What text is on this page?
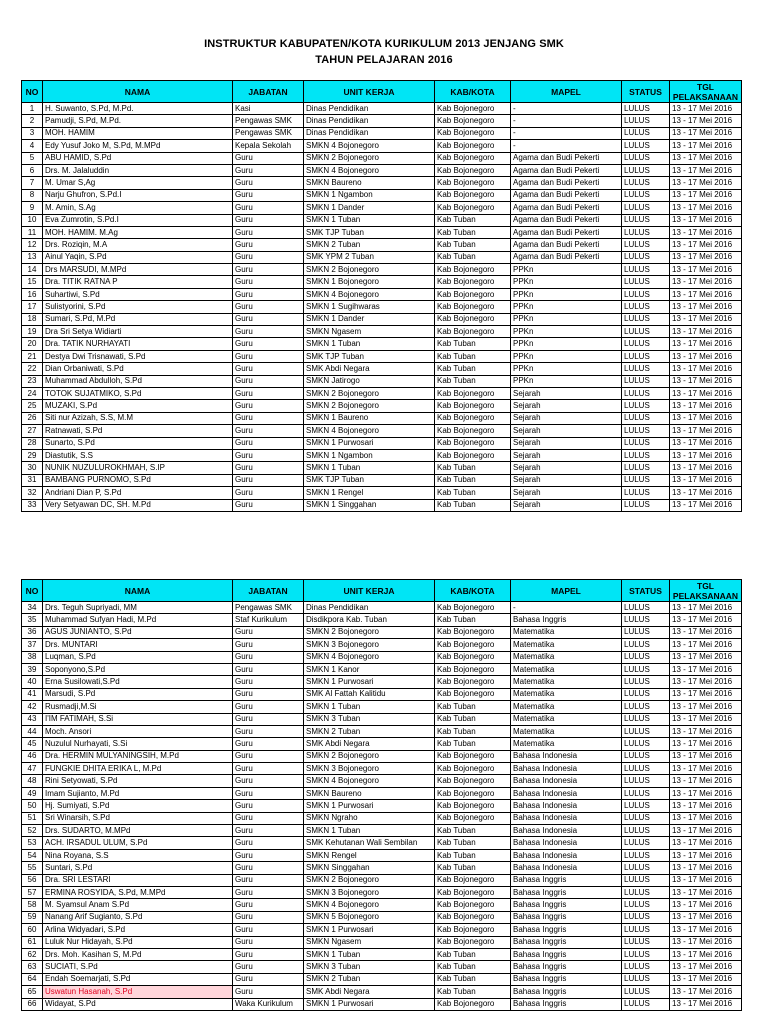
INSTRUKTUR KABUPATEN/KOTA KURIKULUM 2013 JENJANG SMK
TAHUN PELAJARAN 2016
NO	NAMA	JABATAN	UNIT KERJA	KAB/KOTA	MAPEL	STATUS	TGL PELAKSANAAN
1	H. Suwanto, S.Pd, M.Pd.	Kasi	Dinas Pendidikan	Kab Bojonegoro	-	LULUS	13 - 17 Mei 2016
2	Pamudji, S.Pd, M.Pd.	Pengawas SMK	Dinas Pendidikan	Kab Bojonegoro	-	LULUS	13 - 17 Mei 2016
3	MOH. HAMIM	Pengawas SMK	Dinas Pendidikan	Kab Bojonegoro	-	LULUS	13 - 17 Mei 2016
4	Edy Yusuf Joko M, S.Pd, M.MPd	Kepala Sekolah	SMKN 4 Bojonegoro	Kab Bojonegoro	-	LULUS	13 - 17 Mei 2016
5	ABU HAMID, S.Pd	Guru	SMKN 2 Bojonegoro	Kab Bojonegoro	Agama dan Budi Pekerti	LULUS	13 - 17 Mei 2016
6	Drs. M. Jalaluddin	Guru	SMKN 4 Bojonegoro	Kab Bojonegoro	Agama dan Budi Pekerti	LULUS	13 - 17 Mei 2016
7	M. Umar S,Ag	Guru	SMKN Baureno	Kab Bojonegoro	Agama dan Budi Pekerti	LULUS	13 - 17 Mei 2016
8	Narju Ghufron, S.Pd.I	Guru	SMKN 1 Ngambon	Kab Bojonegoro	Agama dan Budi Pekerti	LULUS	13 - 17 Mei 2016
9	M. Amin, S.Ag	Guru	SMKN 1 Dander	Kab Bojonegoro	Agama dan Budi Pekerti	LULUS	13 - 17 Mei 2016
10	Eva Zumrotin, S.Pd.I	Guru	SMKN 1 Tuban	Kab Tuban	Agama dan Budi Pekerti	LULUS	13 - 17 Mei 2016
11	MOH. HAMIM. M.Ag	Guru	SMK TJP Tuban	Kab Tuban	Agama dan Budi Pekerti	LULUS	13 - 17 Mei 2016
12	Drs. Roziqin, M.A	Guru	SMKN 2 Tuban	Kab Tuban	Agama dan Budi Pekerti	LULUS	13 - 17 Mei 2016
13	Ainul Yaqin, S.Pd	Guru	SMK YPM 2 Tuban	Kab Tuban	Agama dan Budi Pekerti	LULUS	13 - 17 Mei 2016
14	Drs MARSUDI, M.MPd	Guru	SMKN 2 Bojonegoro	Kab Bojonegoro	PPKn	LULUS	13 - 17 Mei 2016
15	Dra. TITIK RATNA P	Guru	SMKN 1 Bojonegoro	Kab Bojonegoro	PPKn	LULUS	13 - 17 Mei 2016
16	Suhartiwi, S.Pd	Guru	SMKN 4 Bojonegoro	Kab Bojonegoro	PPKn	LULUS	13 - 17 Mei 2016
17	Sulistyorini, S.Pd	Guru	SMKN 1 Sugihwaras	Kab Bojonegoro	PPKn	LULUS	13 - 17 Mei 2016
18	Sumari, S.Pd, M.Pd	Guru	SMKN 1 Dander	Kab Bojonegoro	PPKn	LULUS	13 - 17 Mei 2016
19	Dra Sri Setya Widiarti	Guru	SMKN Ngasem	Kab Bojonegoro	PPKn	LULUS	13 - 17 Mei 2016
20	Dra. TATIK NURHAYATI	Guru	SMKN 1 Tuban	Kab Tuban	PPKn	LULUS	13 - 17 Mei 2016
21	Destya Dwi Trisnawati, S.Pd	Guru	SMK TJP Tuban	Kab Tuban	PPKn	LULUS	13 - 17 Mei 2016
22	Dian Orbaniwati, S.Pd	Guru	SMK Abdi Negara	Kab Tuban	PPKn	LULUS	13 - 17 Mei 2016
23	Muhammad Abdulloh, S.Pd	Guru	SMKN Jatirogo	Kab Tuban	PPKn	LULUS	13 - 17 Mei 2016
24	TOTOK SUJATMIKO, S.Pd	Guru	SMKN 2 Bojonegoro	Kab Bojonegoro	Sejarah	LULUS	13 - 17 Mei 2016
25	MUZAKI, S.Pd	Guru	SMKN 2 Bojonegoro	Kab Bojonegoro	Sejarah	LULUS	13 - 17 Mei 2016
26	Siti nur Azizah, S.S, M.M	Guru	SMKN 1 Baureno	Kab Bojonegoro	Sejarah	LULUS	13 - 17 Mei 2016
27	Ratnawati, S.Pd	Guru	SMKN 4 Bojonegoro	Kab Bojonegoro	Sejarah	LULUS	13 - 17 Mei 2016
28	Sunarto, S.Pd	Guru	SMKN 1 Purwosari	Kab Bojonegoro	Sejarah	LULUS	13 - 17 Mei 2016
29	Diastutik, S.S	Guru	SMKN 1 Ngambon	Kab Bojonegoro	Sejarah	LULUS	13 - 17 Mei 2016
30	NUNIK NUZULUROKHMAH, S.IP	Guru	SMKN 1 Tuban	Kab Tuban	Sejarah	LULUS	13 - 17 Mei 2016
31	BAMBANG PURNOMO, S.Pd	Guru	SMK TJP Tuban	Kab Tuban	Sejarah	LULUS	13 - 17 Mei 2016
32	Andriani Dian P, S.Pd	Guru	SMKN 1 Rengel	Kab Tuban	Sejarah	LULUS	13 - 17 Mei 2016
33	Very Setyawan DC, SH. M.Pd	Guru	SMKN 1 Singgahan	Kab Tuban	Sejarah	LULUS	13 - 17 Mei 2016
NO	NAMA	JABATAN	UNIT KERJA	KAB/KOTA	MAPEL	STATUS	TGL PELAKSANAAN
34	Drs. Teguh Supriyadi, MM	Pengawas SMK	Dinas Pendidikan	Kab Bojonegoro	-	LULUS	13 - 17 Mei 2016
35	Muhammad Sufyan Hadi, M.Pd	Staf Kurikulum	Disdikpora Kab. Tuban	Kab Tuban	Bahasa Inggris	LULUS	13 - 17 Mei 2016
36	AGUS JUNIANTO, S.Pd	Guru	SMKN 2 Bojonegoro	Kab Bojonegoro	Matematika	LULUS	13 - 17 Mei 2016
37	Drs. MUNTARI	Guru	SMKN 3 Bojonegoro	Kab Bojonegoro	Matematika	LULUS	13 - 17 Mei 2016
38	Luqman, S.Pd	Guru	SMKN 4 Bojonegoro	Kab Bojonegoro	Matematika	LULUS	13 - 17 Mei 2016
39	Soponyono,S.Pd	Guru	SMKN 1 Kanor	Kab Bojonegoro	Matematika	LULUS	13 - 17 Mei 2016
40	Erna Susilowati,S.Pd	Guru	SMKN 1 Purwosari	Kab Bojonegoro	Matematika	LULUS	13 - 17 Mei 2016
41	Marsudi, S.Pd	Guru	SMK Al Fattah Kalitidu	Kab Bojonegoro	Matematika	LULUS	13 - 17 Mei 2016
42	Rusmadji,M.Si	Guru	SMKN 1 Tuban	Kab Tuban	Matematika	LULUS	13 - 17 Mei 2016
43	I'IM FATIMAH, S.Si	Guru	SMKN 3 Tuban	Kab Tuban	Matematika	LULUS	13 - 17 Mei 2016
44	Moch. Ansori	Guru	SMKN 2 Tuban	Kab Tuban	Matematika	LULUS	13 - 17 Mei 2016
45	Nuzulul Nurhayati, S.Si	Guru	SMK Abdi Negara	Kab Tuban	Matematika	LULUS	13 - 17 Mei 2016
46	Dra. HERMIN MULYANINGSIH, M.Pd	Guru	SMKN 2 Bojonegoro	Kab Bojonegoro	Bahasa Indonesia	LULUS	13 - 17 Mei 2016
47	FUNGKIE DHITA ERIKA L, M.Pd	Guru	SMKN 3 Bojonegoro	Kab Bojonegoro	Bahasa Indonesia	LULUS	13 - 17 Mei 2016
48	Rini Setyowati, S.Pd	Guru	SMKN 4 Bojonegoro	Kab Bojonegoro	Bahasa Indonesia	LULUS	13 - 17 Mei 2016
49	Imam Sujianto, M.Pd	Guru	SMKN Baureno	Kab Bojonegoro	Bahasa Indonesia	LULUS	13 - 17 Mei 2016
50	Hj. Sumiyati, S.Pd	Guru	SMKN 1 Purwosari	Kab Bojonegoro	Bahasa Indonesia	LULUS	13 - 17 Mei 2016
51	Sri Winarsih, S.Pd	Guru	SMKN Ngraho	Kab Bojonegoro	Bahasa Indonesia	LULUS	13 - 17 Mei 2016
52	Drs. SUDARTO, M.MPd	Guru	SMKN 1 Tuban	Kab Tuban	Bahasa Indonesia	LULUS	13 - 17 Mei 2016
53	ACH. IRSADUL ULUM, S.Pd	Guru	SMK Kehutanan Wali Sembilan	Kab Tuban	Bahasa Indonesia	LULUS	13 - 17 Mei 2016
54	Nina Royana, S.S	Guru	SMKN Rengel	Kab Tuban	Bahasa Indonesia	LULUS	13 - 17 Mei 2016
55	Suntari, S.Pd	Guru	SMKN Singgahan	Kab Tuban	Bahasa Indonesia	LULUS	13 - 17 Mei 2016
56	Dra. SRI LESTARI	Guru	SMKN 2 Bojonegoro	Kab Bojonegoro	Bahasa Inggris	LULUS	13 - 17 Mei 2016
57	ERMINA ROSYIDA, S.Pd, M.MPd	Guru	SMKN 3 Bojonegoro	Kab Bojonegoro	Bahasa Inggris	LULUS	13 - 17 Mei 2016
58	M. Syamsul Anam S.Pd	Guru	SMKN 4 Bojonegoro	Kab Bojonegoro	Bahasa Inggris	LULUS	13 - 17 Mei 2016
59	Nanang Arif Sugianto, S.Pd	Guru	SMKN 5 Bojonegoro	Kab Bojonegoro	Bahasa Inggris	LULUS	13 - 17 Mei 2016
60	Arlina Widyadari, S.Pd	Guru	SMKN 1 Purwosari	Kab Bojonegoro	Bahasa Inggris	LULUS	13 - 17 Mei 2016
61	Luluk Nur Hidayah, S.Pd	Guru	SMKN Ngasem	Kab Bojonegoro	Bahasa Inggris	LULUS	13 - 17 Mei 2016
62	Drs. Moh. Kasihan S, M.Pd	Guru	SMKN 1 Tuban	Kab Tuban	Bahasa Inggris	LULUS	13 - 17 Mei 2016
63	SUCIATI, S.Pd	Guru	SMKN 3 Tuban	Kab Tuban	Bahasa Inggris	LULUS	13 - 17 Mei 2016
64	Endah Soemarjati, S.Pd	Guru	SMKN 2 Tuban	Kab Tuban	Bahasa Inggris	LULUS	13 - 17 Mei 2016
65	Uswatun Hasanah, S.Pd	Guru	SMK Abdi Negara	Kab Tuban	Bahasa Inggris	LULUS	13 - 17 Mei 2016
66	Widayat, S.Pd	Waka Kurikulum	SMKN 1 Purwosari	Kab Bojonegoro	Bahasa Inggris	LULUS	13 - 17 Mei 2016
